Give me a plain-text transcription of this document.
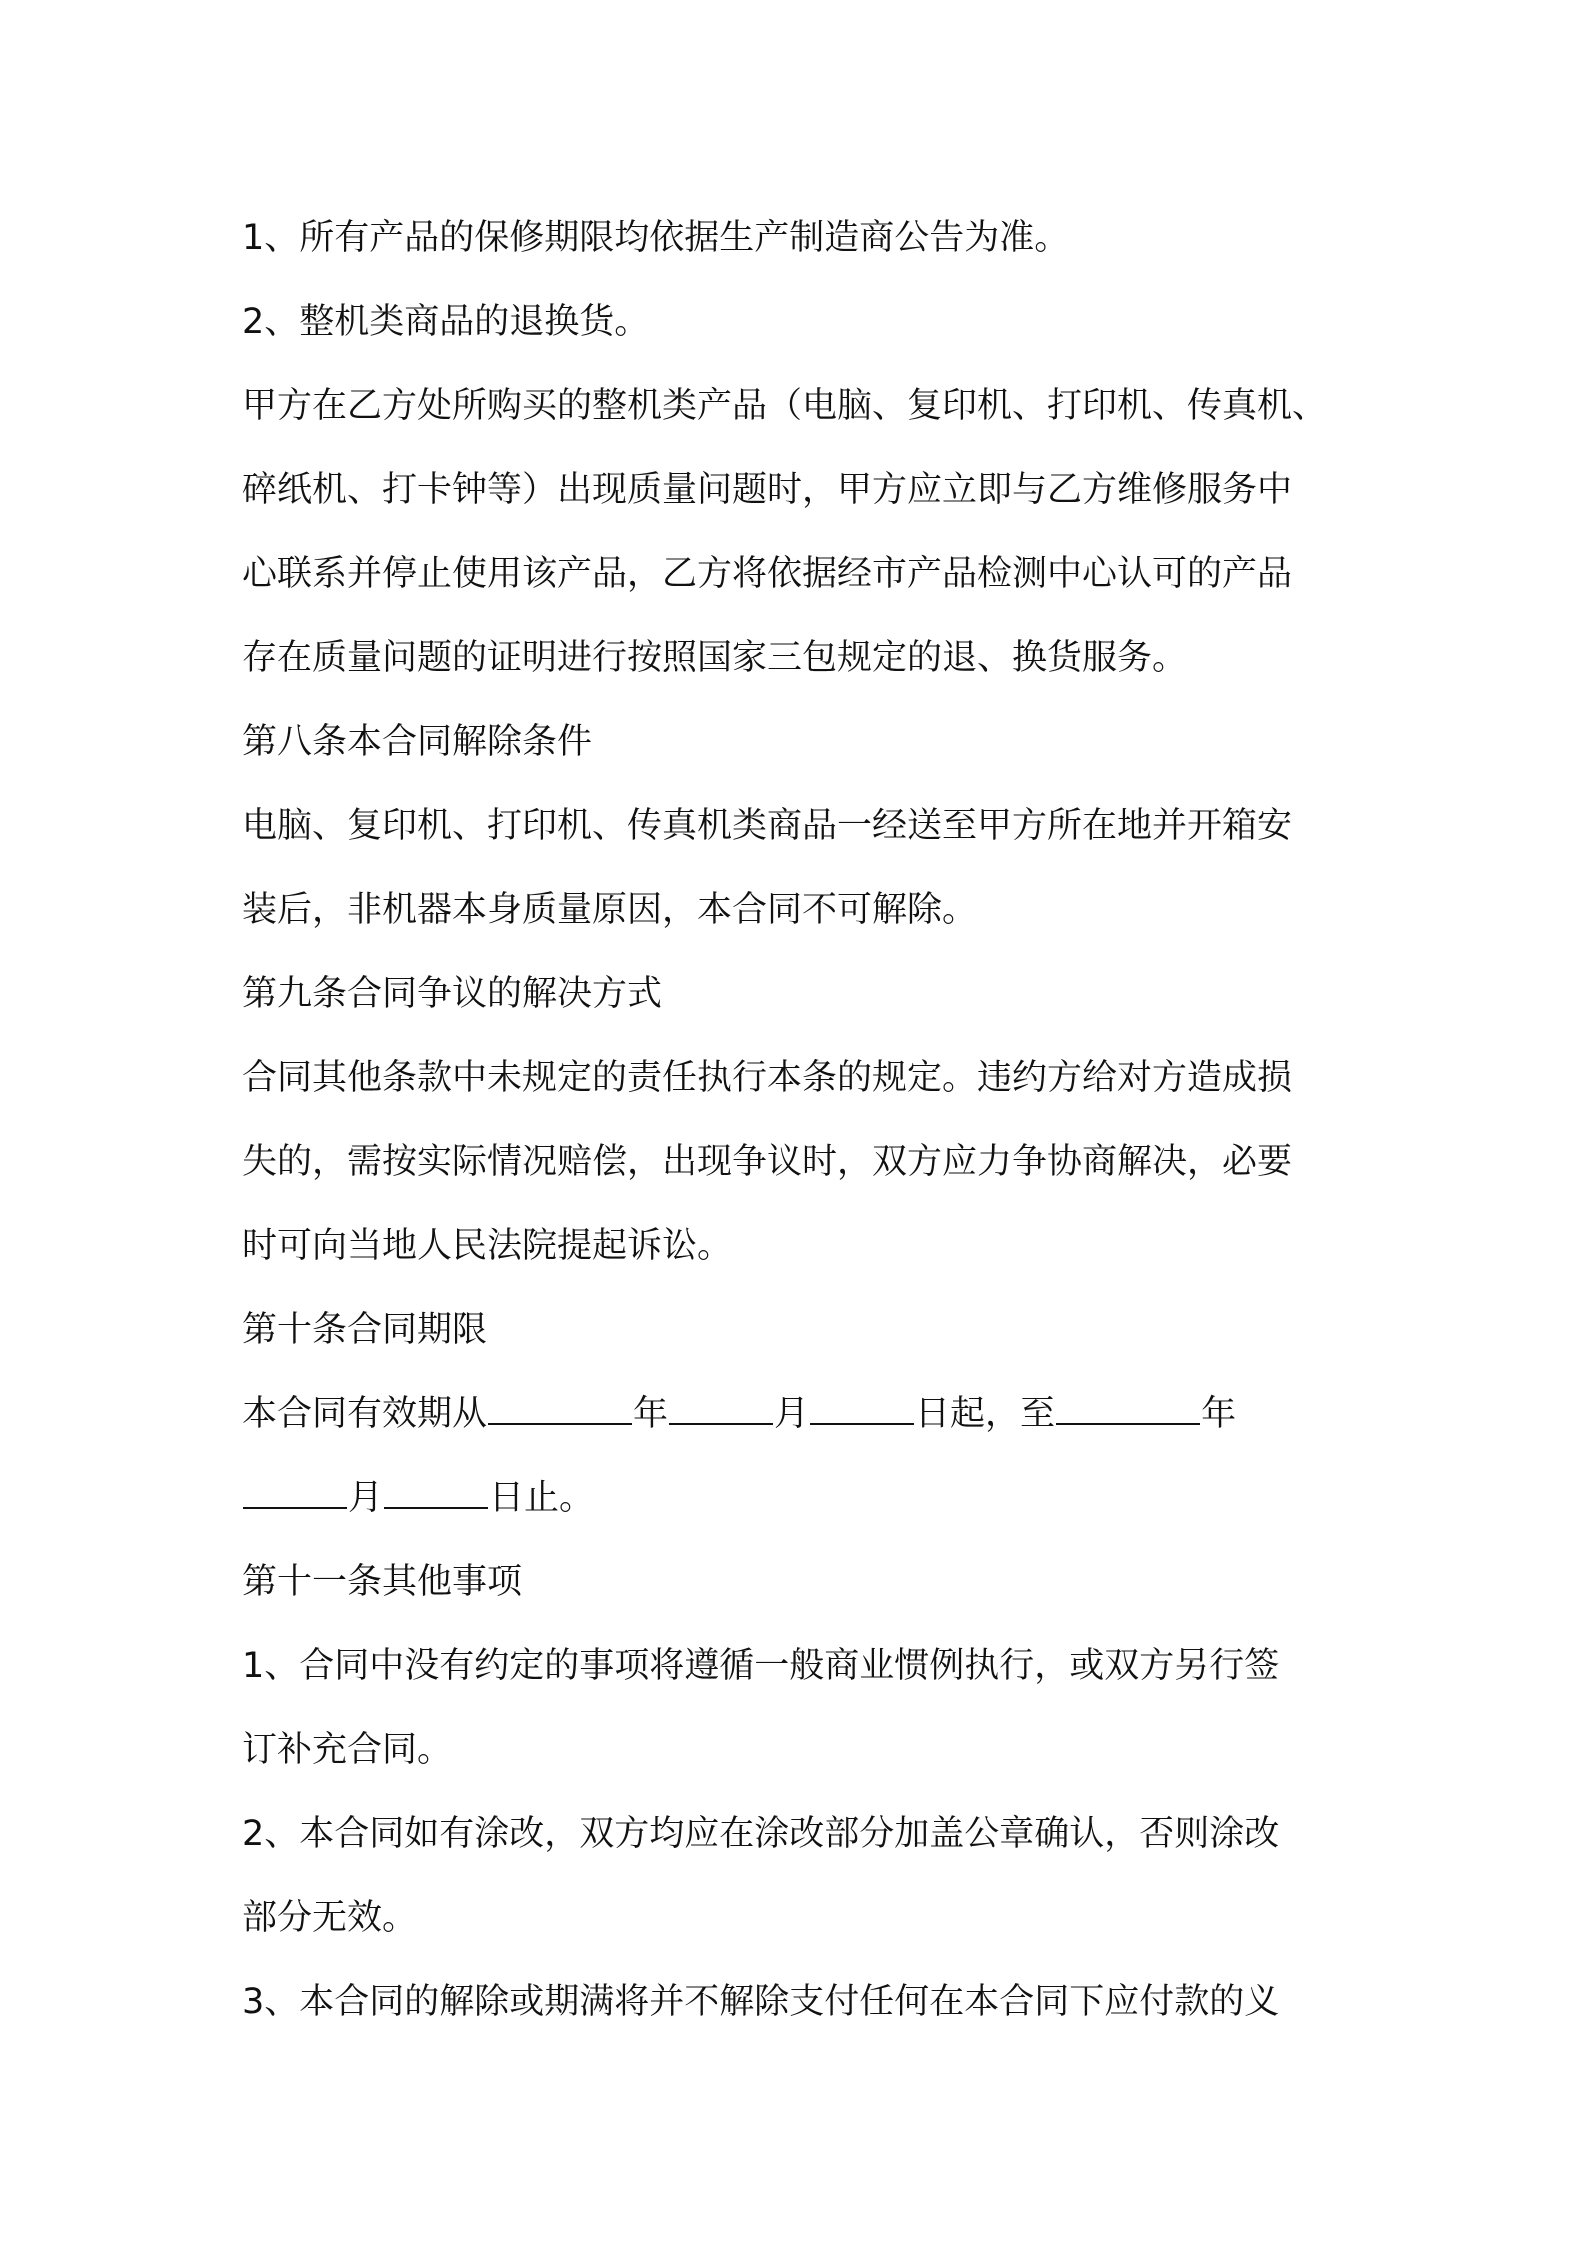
1、所有产品的保修期限均依据生产制造商公告为准。
2、整机类商品的退换货。
甲方在乙方处所购买的整机类产品（电脑、复印机、打印机、传真机、
碎纸机、打卡钟等）出现质量问题时，甲方应立即与乙方维修服务中
心联系并停止使用该产品，乙方将依据经市产品检测中心认可的产品
存在质量问题的证明进行按照国家三包规定的退、换货服务。
第八条本合同解除条件
电脑、复印机、打印机、传真机类商品一经送至甲方所在地并开箱安
装后，非机器本身质量原因，本合同不可解除。
第九条合同争议的解决方式
合同其他条款中未规定的责任执行本条的规定。违约方给对方造成损
失的，需按实际情况赔偿，出现争议时，双方应力争协商解决，必要
时可向当地人民法院提起诉讼。
第十条合同期限
本合同有效期从	年	月	日起，至	年
月	日止。
第十一条其他事项
1、合同中没有约定的事项将遵循一般商业惯例执行，或双方另行签
订补充合同。
2、本合同如有涂改，双方均应在涂改部分加盖公章确认，否则涂改
部分无效。
3、本合同的解除或期满将并不解除支付任何在本合同下应付款的义
